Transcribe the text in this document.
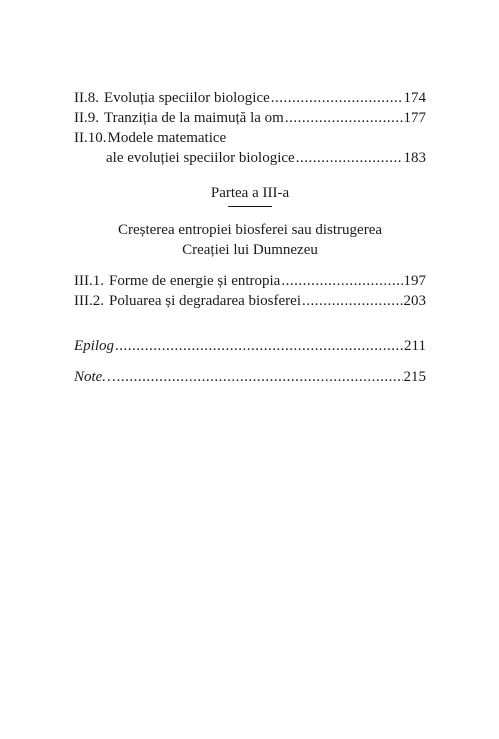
II.8. Evoluția speciilor biologice .....	174
II.9. Tranziția de la maimuță la om .....	177
II.10. Modele matematice
ale evoluției speciilor biologice .....	183
Partea a III-a
Creșterea entropiei biosferei sau distrugerea
Creației lui Dumnezeu
III.1. Forme de energie și entropia .....	197
III.2. Poluarea și degradarea biosferei .....	203
Epilog .....	211
Note… .....	215
